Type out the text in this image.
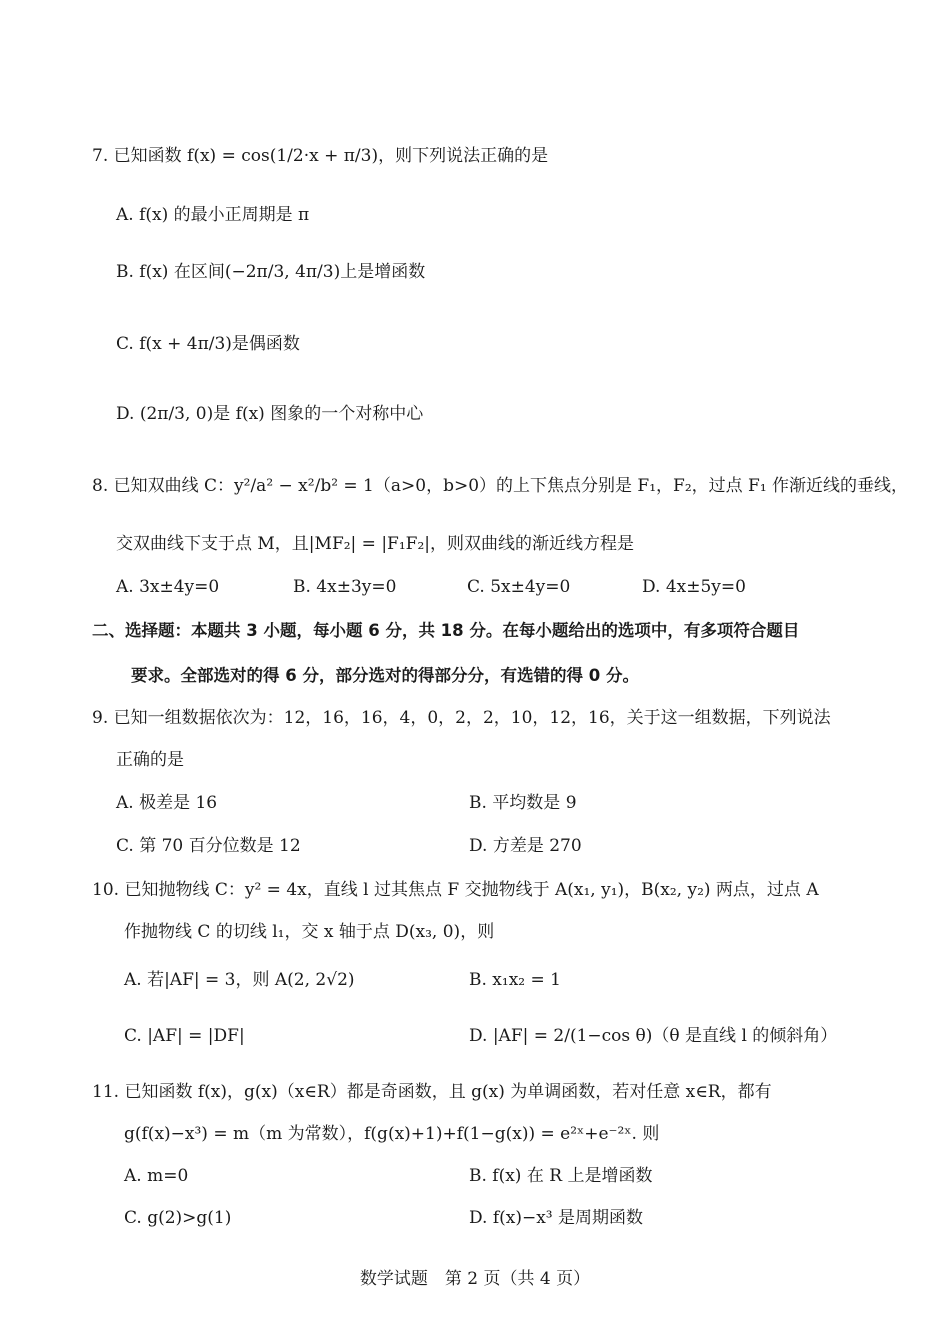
7. 已知函数 f(x) = cos(1/2·x + π/3)，则下列说法正确的是
A. f(x) 的最小正周期是 π
B. f(x) 在区间(−2π/3, 4π/3)上是增函数
C. f(x + 4π/3)是偶函数
D. (2π/3, 0)是 f(x) 图象的一个对称中心
8. 已知双曲线 C：y²/a² − x²/b² = 1（a>0，b>0）的上下焦点分别是 F₁，F₂，过点 F₁ 作渐近线的垂线，
交双曲线下支于点 M，且|MF₂| = |F₁F₂|，则双曲线的渐近线方程是
A. 3x±4y=0	B. 4x±3y=0	C. 5x±4y=0	D. 4x±5y=0
二、选择题：本题共 3 小题，每小题 6 分，共 18 分。在每小题给出的选项中，有多项符合题目
要求。全部选对的得 6 分，部分选对的得部分分，有选错的得 0 分。
9. 已知一组数据依次为：12，16，16，4，0，2，2，10，12，16，关于这一组数据，下列说法
正确的是
A. 极差是 16	B. 平均数是 9
C. 第 70 百分位数是 12	D. 方差是 270
10. 已知抛物线 C：y² = 4x，直线 l 过其焦点 F 交抛物线于 A(x₁, y₁)，B(x₂, y₂) 两点，过点 A
作抛物线 C 的切线 l₁，交 x 轴于点 D(x₃, 0)，则
A. 若|AF| = 3，则 A(2, 2√2)	B. x₁x₂ = 1
C. |AF| = |DF|	D. |AF| = 2/(1−cos θ)（θ 是直线 l 的倾斜角）
11. 已知函数 f(x)，g(x)（x∈R）都是奇函数，且 g(x) 为单调函数，若对任意 x∈R，都有
g(f(x)−x³) = m（m 为常数），f(g(x)+1)+f(1−g(x)) = e²ˣ+e⁻²ˣ. 则
A. m=0	B. f(x) 在 R 上是增函数
C. g(2)>g(1)	D. f(x)−x³ 是周期函数
数学试题　第 2 页（共 4 页）
